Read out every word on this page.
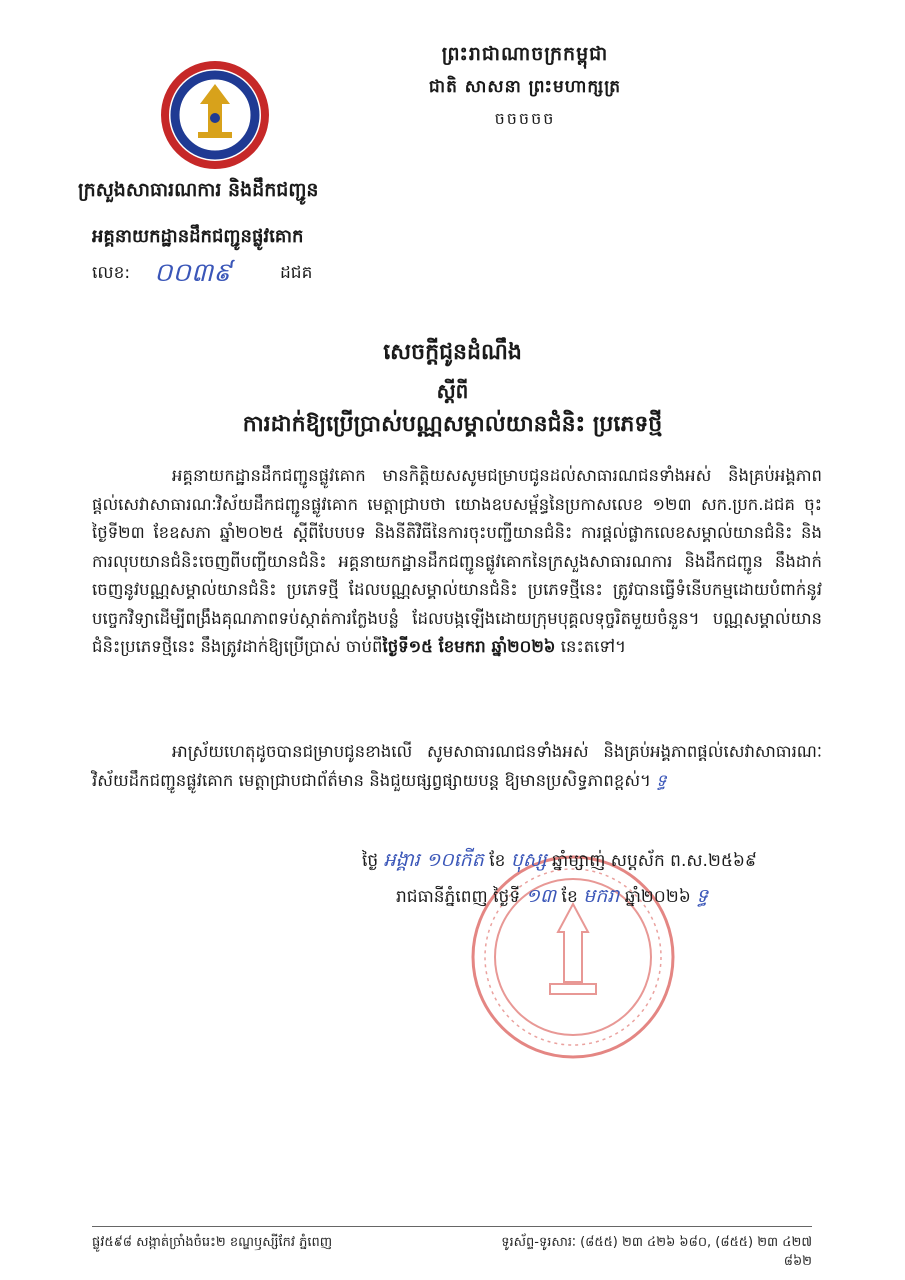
ព្រះរាជាណាចក្រកម្ពុជា
ជាតិ សាសនា ព្រះមហាក្សត្រ
ចចចចច
ក្រសួងសាធារណការ និងដឹកជញ្ជូន
អគ្គនាយកដ្ឋានដឹកជញ្ជូនផ្លូវគោក
លេខ: ០០៣៩	ដជគ
សេចក្តីជូនដំណឹង
ស្តីពី
ការដាក់ឱ្យប្រើប្រាស់បណ្ណសម្គាល់យានជំនិះ ប្រភេទថ្មី
អគ្គនាយកដ្ឋានដឹកជញ្ជូនផ្លូវគោក មានកិត្តិយសសូមជម្រាបជូនដល់សាធារណជនទាំងអស់ និងគ្រប់អង្គភាពផ្តល់សេវាសាធារណៈវិស័យដឹកជញ្ជូនផ្លូវគោក មេត្តាជ្រាបថា យោងឧបសម្ព័ន្ធនៃប្រកាសលេខ ១២៣ សក.ប្រក.ដជគ ចុះថ្ងៃទី២៣ ខែឧសភា ឆ្នាំ២០២៥ ស្តីពីបែបបទ និងនីតិវិធីនៃការចុះបញ្ជីយានជំនិះ ការផ្តល់ផ្លាកលេខសម្គាល់យានជំនិះ និងការលុបយានជំនិះចេញពីបញ្ជីយានជំនិះ អគ្គនាយកដ្ឋានដឹកជញ្ជូនផ្លូវគោកនៃក្រសួងសាធារណការ និងដឹកជញ្ជូន នឹងដាក់ចេញនូវបណ្ណសម្គាល់យានជំនិះ ប្រភេទថ្មី ដែលបណ្ណសម្គាល់យានជំនិះ ប្រភេទថ្មីនេះ ត្រូវបានធ្វើទំនើបកម្មដោយបំពាក់នូវបច្ចេកវិទ្យាដើម្បីពង្រឹងគុណភាពទប់ស្កាត់ការក្លែងបន្លំ ដែលបង្កឡើងដោយក្រុមបុគ្គលទុច្ចរិតមួយចំនួន។ បណ្ណសម្គាល់យានជំនិះប្រភេទថ្មីនេះ នឹងត្រូវដាក់ឱ្យប្រើប្រាស់ ចាប់ពីថ្ងៃទី១៥ ខែមករា ឆ្នាំ២០២៦ នេះតទៅ។
អាស្រ័យហេតុដូចបានជម្រាបជូនខាងលើ សូមសាធារណជនទាំងអស់ និងគ្រប់អង្គភាពផ្តល់សេវាសាធារណៈវិស័យដឹកជញ្ជូនផ្លូវគោក មេត្តាជ្រាបជាព័ត៌មាន និងជួយផ្សព្វផ្សាយបន្ត ឱ្យមានប្រសិទ្ធភាពខ្ពស់។ ទ្ធ
ថ្ងៃ អង្គារ ១០កើត ខែ បុស្ស ឆ្នាំម្សាញ់ សប្តស័ក ព.ស.២៥៦៩
រាជធានីភ្នំពេញ ថ្ងៃទី ១៣ ខែ មករា ឆ្នាំ២០២៦ ទ្ធ
ផ្លូវ៥៩៨ សង្កាត់ច្រាំងចំរេះ២ ខណ្ឌឫស្សីកែវ ភ្នំពេញ	ទូរស័ព្ទ-ទូរសារៈ (៨៥៥) ២៣ ៤២៦ ៦៨០, (៨៥៥) ២៣ ៤២៧ ៨៦២
